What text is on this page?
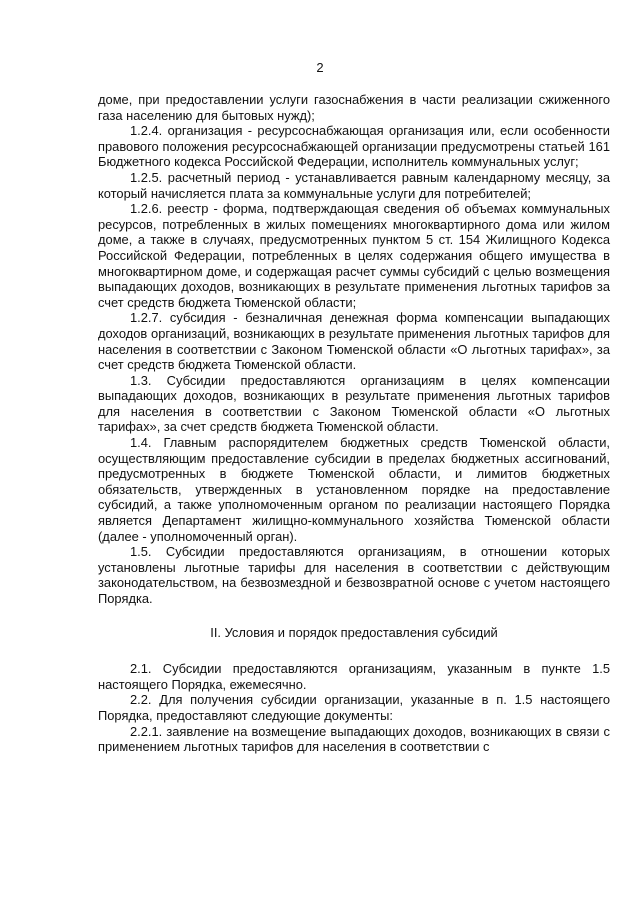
2

доме, при предоставлении услуги газоснабжения в части реализации сжиженного газа населению для бытовых нужд);

1.2.4. организация - ресурсоснабжающая организация или, если особенности правового положения ресурсоснабжающей организации предусмотрены статьей 161 Бюджетного кодекса Российской Федерации, исполнитель коммунальных услуг;

1.2.5. расчетный период - устанавливается равным календарному месяцу, за который начисляется плата за коммунальные услуги для потребителей;

1.2.6. реестр - форма, подтверждающая сведения об объемах коммунальных ресурсов, потребленных в жилых помещениях многоквартирного дома или жилом доме, а также в случаях, предусмотренных пунктом 5 ст. 154 Жилищного Кодекса Российской Федерации, потребленных в целях содержания общего имущества в многоквартирном доме, и содержащая расчет суммы субсидий с целью возмещения выпадающих доходов, возникающих в результате применения льготных тарифов за счет средств бюджета Тюменской области;

1.2.7. субсидия - безналичная денежная форма компенсации выпадающих доходов организаций, возникающих в результате применения льготных тарифов для населения в соответствии с Законом Тюменской области «О льготных тарифах», за счет средств бюджета Тюменской области.

1.3. Субсидии предоставляются организациям в целях компенсации выпадающих доходов, возникающих в результате применения льготных тарифов для населения в соответствии с Законом Тюменской области «О льготных тарифах», за счет средств бюджета Тюменской области.

1.4. Главным распорядителем бюджетных средств Тюменской области, осуществляющим предоставление субсидии в пределах бюджетных ассигнований, предусмотренных в бюджете Тюменской области, и лимитов бюджетных обязательств, утвержденных в установленном порядке на предоставление субсидий, а также уполномоченным органом по реализации настоящего Порядка является Департамент жилищно-коммунального хозяйства Тюменской области (далее - уполномоченный орган).

1.5. Субсидии предоставляются организациям, в отношении которых установлены льготные тарифы для населения в соответствии с действующим законодательством, на безвозмездной и безвозвратной основе с учетом настоящего Порядка.

II. Условия и порядок предоставления субсидий

2.1. Субсидии предоставляются организациям, указанным в пункте 1.5 настоящего Порядка, ежемесячно.

2.2. Для получения субсидии организации, указанные в п. 1.5 настоящего Порядка, предоставляют следующие документы:

2.2.1. заявление на возмещение выпадающих доходов, возникающих в связи с применением льготных тарифов для населения в соответствии с
